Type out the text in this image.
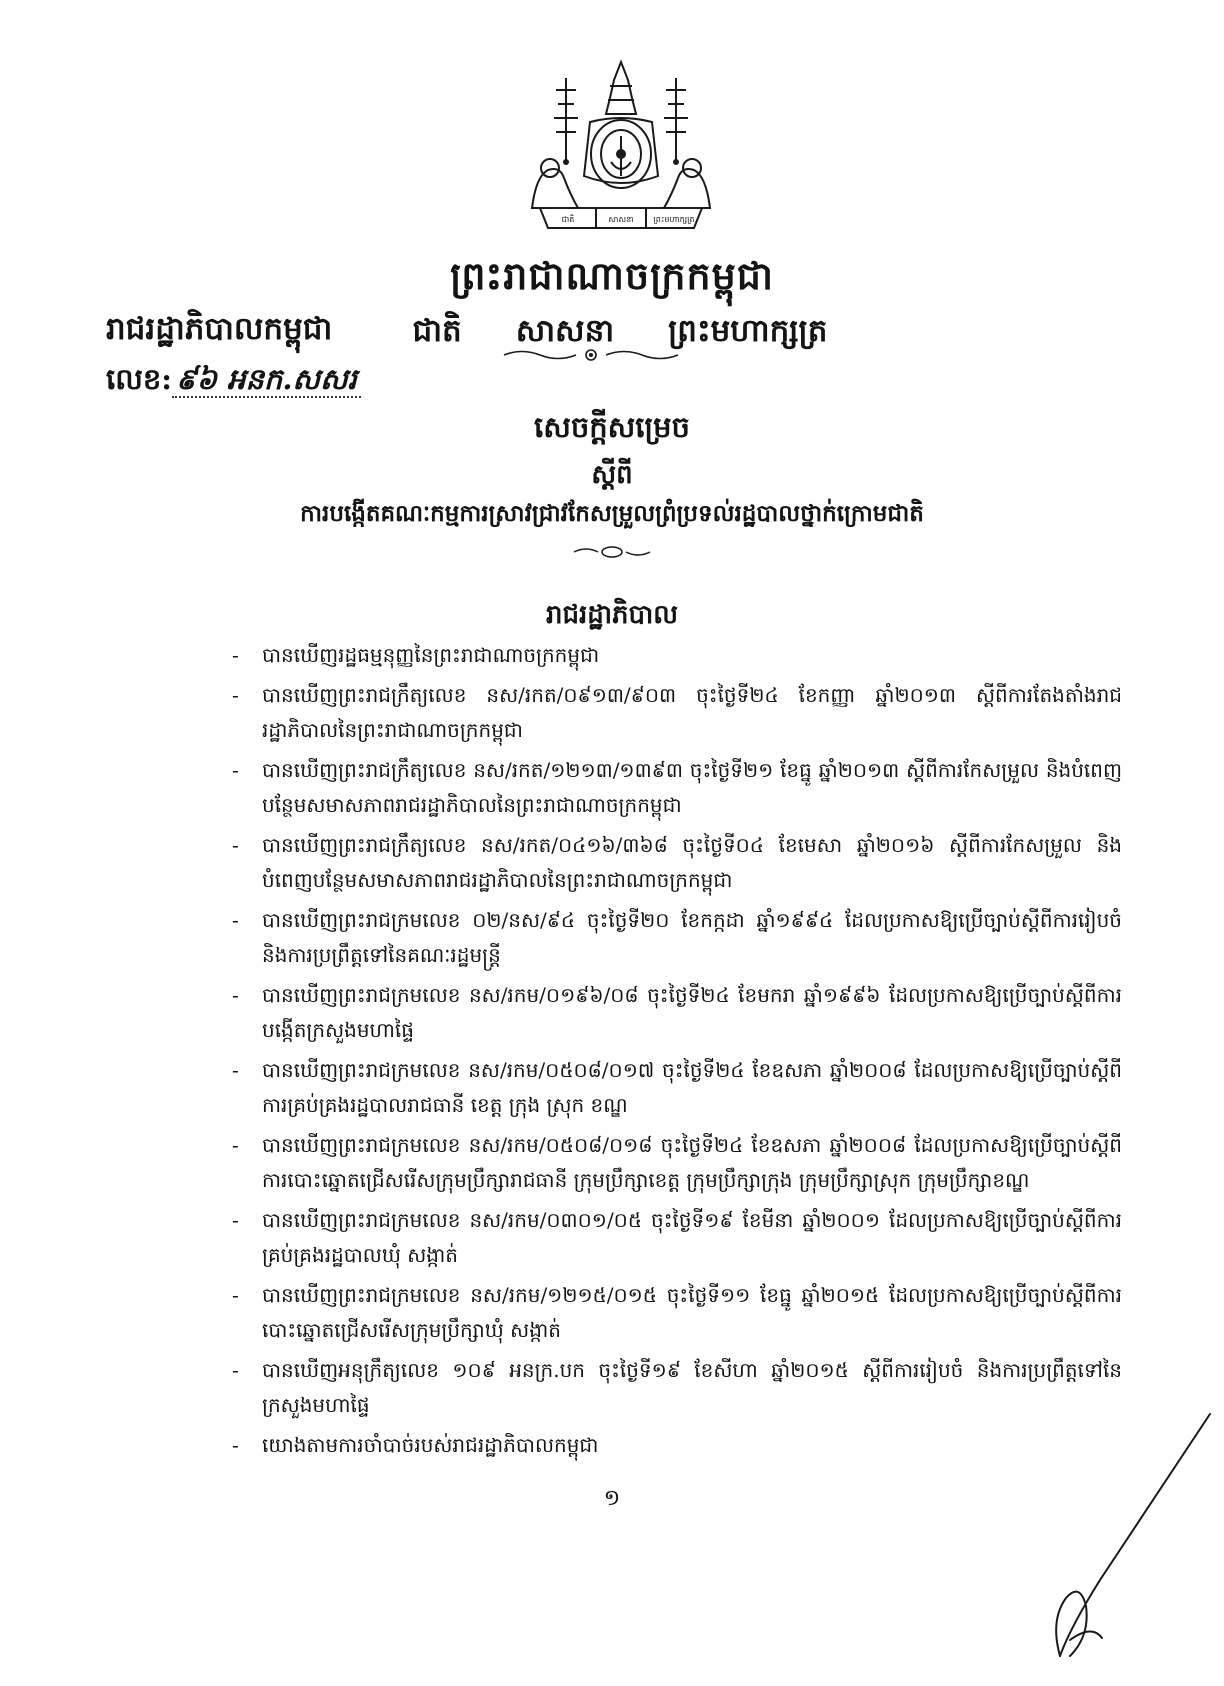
ជាតិ	សាសនា ព្រះមហាក្សត្រ
ព្រះរាជាណាចក្រកម្ពុជា
ជាតិ សាសនា ព្រះមហាក្សត្រ
រាជរដ្ឋាភិបាលកម្ពុជា
លេខ: ៩៦ អនក.សសរ
សេចក្តីសម្រេច
ស្តីពី
ការបង្កើតគណៈកម្មការស្រាវជ្រាវកែសម្រួលព្រំប្រទល់រដ្ឋបាលថ្នាក់ក្រោមជាតិ
រាជរដ្ឋាភិបាល
- បានឃើញរដ្ឋធម្មនុញ្ញនៃព្រះរាជាណាចក្រកម្ពុជា
- បានឃើញព្រះរាជក្រឹត្យលេខ នស/រកត/០៩១៣/៩០៣ ចុះថ្ងៃទី២៤ ខែកញ្ញា ឆ្នាំ២០១៣ ស្តីពីការតែងតាំងរាជរដ្ឋាភិបាលនៃព្រះរាជាណាចក្រកម្ពុជា
- បានឃើញព្រះរាជក្រឹត្យលេខ នស/រកត/១២១៣/១៣៩៣ ចុះថ្ងៃទី២១ ខែធ្នូ ឆ្នាំ២០១៣ ស្តីពីការកែសម្រួល និងបំពេញបន្ថែមសមាសភាពរាជរដ្ឋាភិបាលនៃព្រះរាជាណាចក្រកម្ពុជា
- បានឃើញព្រះរាជក្រឹត្យលេខ នស/រកត/០៤១៦/៣៦៨ ចុះថ្ងៃទី០៤ ខែមេសា ឆ្នាំ២០១៦ ស្តីពីការកែសម្រួល និងបំពេញបន្ថែមសមាសភាពរាជរដ្ឋាភិបាលនៃព្រះរាជាណាចក្រកម្ពុជា
- បានឃើញព្រះរាជក្រមលេខ ០២/នស/៩៤ ចុះថ្ងៃទី២០ ខែកក្កដា ឆ្នាំ១៩៩៤ ដែលប្រកាសឱ្យប្រើច្បាប់ស្តីពីការរៀបចំ និងការប្រព្រឹត្តទៅនៃគណៈរដ្ឋមន្ត្រី
- បានឃើញព្រះរាជក្រមលេខ នស/រកម/០១៩៦/០៨ ចុះថ្ងៃទី២៤ ខែមករា ឆ្នាំ១៩៩៦ ដែលប្រកាសឱ្យប្រើច្បាប់ស្តីពីការបង្កើតក្រសួងមហាផ្ទៃ
- បានឃើញព្រះរាជក្រមលេខ នស/រកម/០៥០៨/០១៧ ចុះថ្ងៃទី២៤ ខែឧសភា ឆ្នាំ២០០៨ ដែលប្រកាសឱ្យប្រើច្បាប់ស្តីពីការគ្រប់គ្រងរដ្ឋបាលរាជធានី ខេត្ត ក្រុង ស្រុក ខណ្ឌ
- បានឃើញព្រះរាជក្រមលេខ នស/រកម/០៥០៨/០១៨ ចុះថ្ងៃទី២៤ ខែឧសភា ឆ្នាំ២០០៨ ដែលប្រកាសឱ្យប្រើច្បាប់ស្តីពីការបោះឆ្នោតជ្រើសរើសក្រុមប្រឹក្សារាជធានី ក្រុមប្រឹក្សាខេត្ត ក្រុមប្រឹក្សាក្រុង ក្រុមប្រឹក្សាស្រុក ក្រុមប្រឹក្សាខណ្ឌ
- បានឃើញព្រះរាជក្រមលេខ នស/រកម/០៣០១/០៥ ចុះថ្ងៃទី១៩ ខែមីនា ឆ្នាំ២០០១ ដែលប្រកាសឱ្យប្រើច្បាប់ស្តីពីការគ្រប់គ្រងរដ្ឋបាលឃុំ សង្កាត់
- បានឃើញព្រះរាជក្រមលេខ នស/រកម/១២១៥/០១៥ ចុះថ្ងៃទី១១ ខែធ្នូ ឆ្នាំ២០១៥ ដែលប្រកាសឱ្យប្រើច្បាប់ស្តីពីការបោះឆ្នោតជ្រើសរើសក្រុមប្រឹក្សាឃុំ សង្កាត់
- បានឃើញអនុក្រឹត្យលេខ ១០៩ អនក្រ.បក ចុះថ្ងៃទី១៩ ខែសីហា ឆ្នាំ២០១៥ ស្តីពីការរៀបចំ និងការប្រព្រឹត្តទៅនៃក្រសួងមហាផ្ទៃ
- យោងតាមការចាំបាច់របស់រាជរដ្ឋាភិបាលកម្ពុជា
១
